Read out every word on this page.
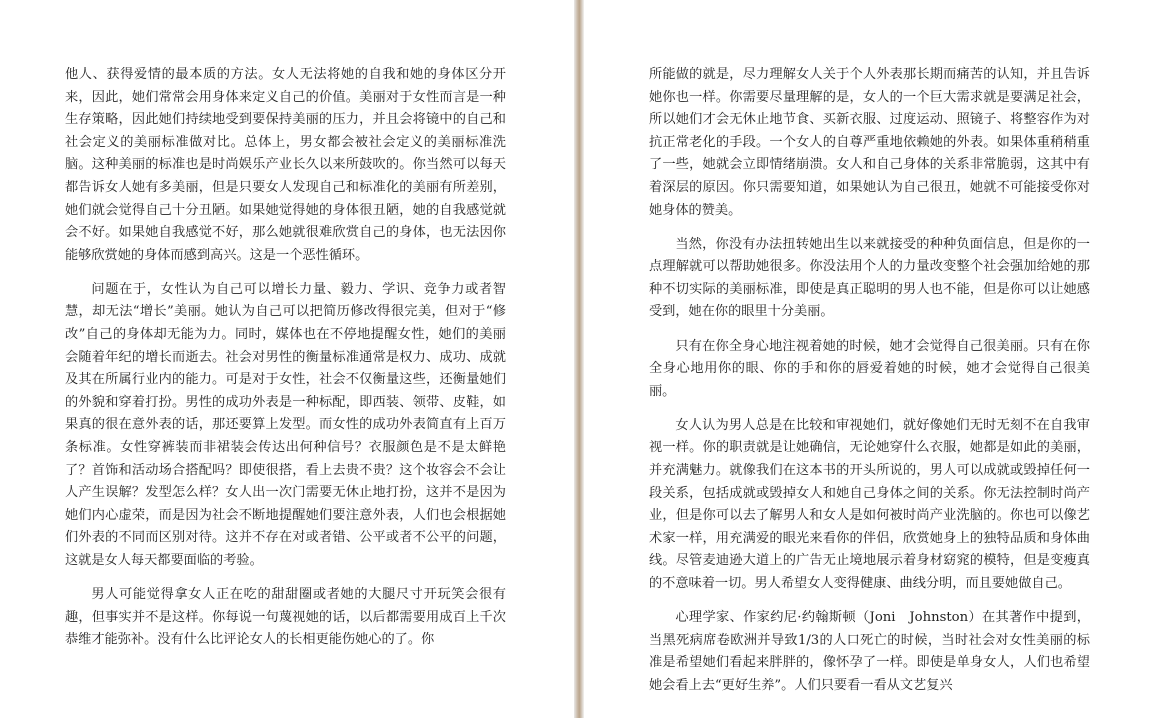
他人、获得爱情的最本质的方法。女人无法将她的自我和她的身体区分开来，因此，她们常常会用身体来定义自己的价值。美丽对于女性而言是一种生存策略，因此她们持续地受到要保持美丽的压力，并且会将镜中的自己和社会定义的美丽标准做对比。总体上，男女都会被社会定义的美丽标准洗脑。这种美丽的标准也是时尚娱乐产业长久以来所鼓吹的。你当然可以每天都告诉女人她有多美丽，但是只要女人发现自己和标准化的美丽有所差别，她们就会觉得自己十分丑陋。如果她觉得她的身体很丑陋，她的自我感觉就会不好。如果她自我感觉不好，那么她就很难欣赏自己的身体，也无法因你能够欣赏她的身体而感到高兴。这是一个恶性循环。

问题在于，女性认为自己可以增长力量、毅力、学识、竞争力或者智慧，却无法“增长”美丽。她认为自己可以把简历修改得很完美，但对于“修改”自己的身体却无能为力。同时，媒体也在不停地提醒女性，她们的美丽会随着年纪的增长而逝去。社会对男性的衡量标准通常是权力、成功、成就及其在所属行业内的能力。可是对于女性，社会不仅衡量这些，还衡量她们的外貌和穿着打扮。男性的成功外表是一种标配，即西装、领带、皮鞋，如果真的很在意外表的话，那还要算上发型。而女性的成功外表简直有上百万条标准。女性穿裤装而非裙装会传达出何种信号？衣服颜色是不是太鲜艳了？首饰和活动场合搭配吗？即使很搭，看上去贵不贵？这个妆容会不会让人产生误解？发型怎么样？女人出一次门需要无休止地打扮，这并不是因为她们内心虚荣，而是因为社会不断地提醒她们要注意外表，人们也会根据她们外表的不同而区别对待。这并不存在对或者错、公平或者不公平的问题，这就是女人每天都要面临的考验。

男人可能觉得拿女人正在吃的甜甜圈或者她的大腿尺寸开玩笑会很有趣，但事实并不是这样。你每说一句蔑视她的话，以后都需要用成百上千次恭维才能弥补。没有什么比评论女人的长相更能伤她心的了。你

所能做的就是，尽力理解女人关于个人外表那长期而痛苦的认知，并且告诉她你也一样。你需要尽量理解的是，女人的一个巨大需求就是要满足社会，所以她们才会无休止地节食、买新衣服、过度运动、照镜子、将整容作为对抗正常老化的手段。一个女人的自尊严重地依赖她的外表。如果体重稍稍重了一些，她就会立即情绪崩溃。女人和自己身体的关系非常脆弱，这其中有着深层的原因。你只需要知道，如果她认为自己很丑，她就不可能接受你对她身体的赞美。

当然，你没有办法扭转她出生以来就接受的种种负面信息，但是你的一点理解就可以帮助她很多。你没法用个人的力量改变整个社会强加给她的那种不切实际的美丽标准，即使是真正聪明的男人也不能，但是你可以让她感受到，她在你的眼里十分美丽。

只有在你全身心地注视着她的时候，她才会觉得自己很美丽。只有在你全身心地用你的眼、你的手和你的唇爱着她的时候，她才会觉得自己很美丽。

女人认为男人总是在比较和审视她们，就好像她们无时无刻不在自我审视一样。你的职责就是让她确信，无论她穿什么衣服，她都是如此的美丽，并充满魅力。就像我们在这本书的开头所说的，男人可以成就或毁掉任何一段关系，包括成就或毁掉女人和她自己身体之间的关系。你无法控制时尚产业，但是你可以去了解男人和女人是如何被时尚产业洗脑的。你也可以像艺术家一样，用充满爱的眼光来看你的伴侣，欣赏她身上的独特品质和身体曲线。尽管麦迪逊大道上的广告无止境地展示着身材窈窕的模特，但是变瘦真的不意味着一切。男人希望女人变得健康、曲线分明，而且要她做自己。

心理学家、作家约尼·约翰斯顿（Joni　Johnston）在其著作中提到，当黑死病席卷欧洲并导致1/3的人口死亡的时候，当时社会对女性美丽的标准是希望她们看起来胖胖的，像怀孕了一样。即使是单身女人，人们也希望她会看上去“更好生养”。人们只要看一看从文艺复兴
